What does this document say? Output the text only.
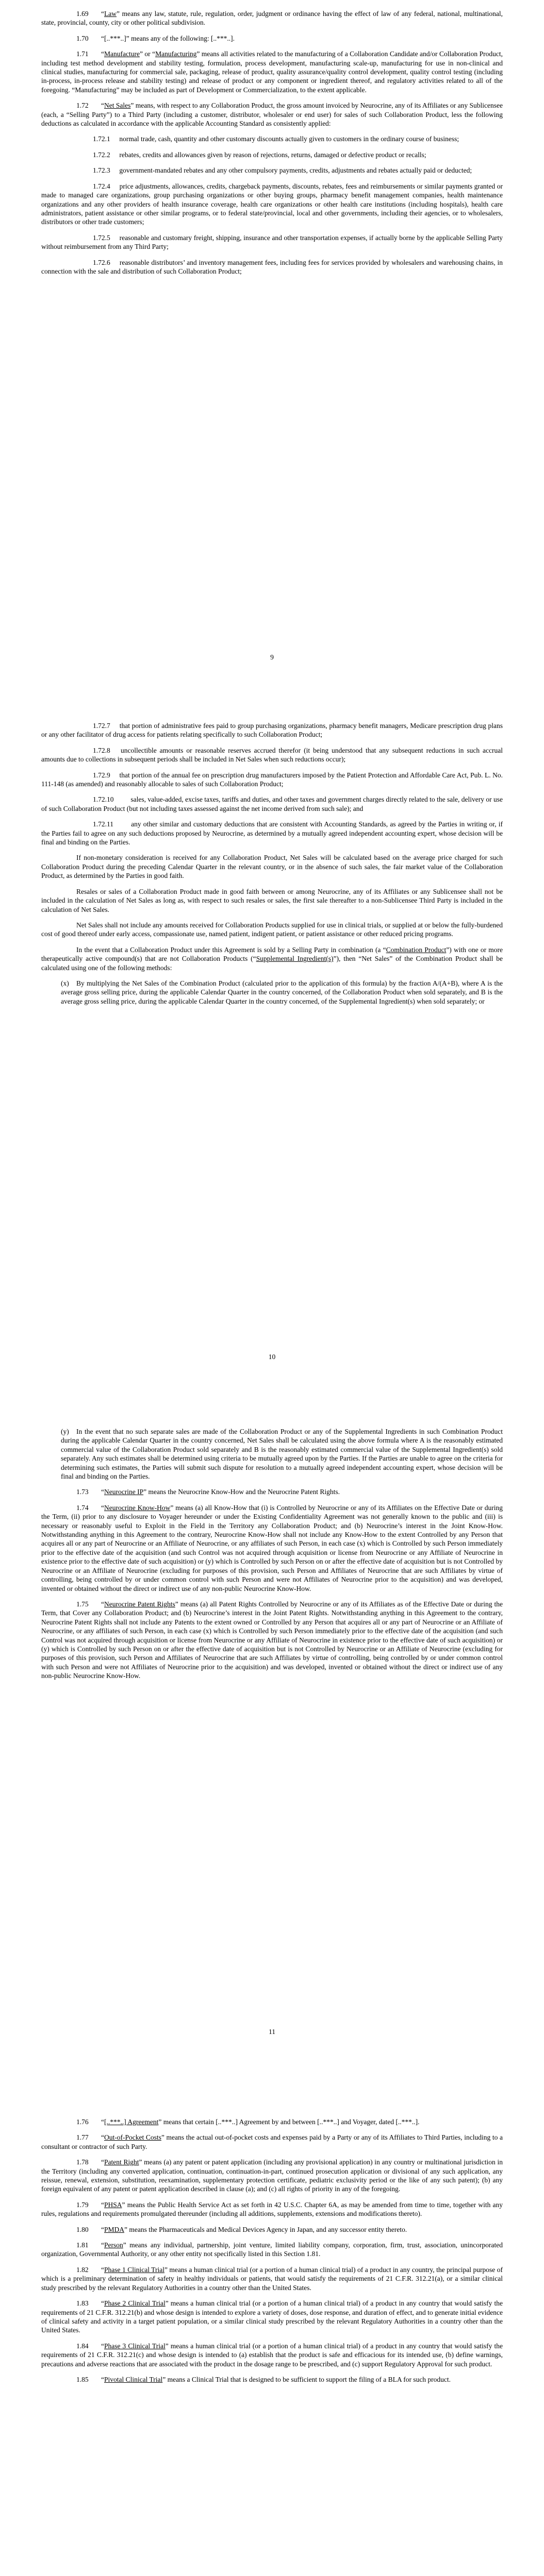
1.69 “Law” means any law, statute, rule, regulation, order, judgment or ordinance having the effect of law of any federal, national, multinational, state, provincial, county, city or other political subdivision.

1.70 “[..***..]” means any of the following: [..***..].

1.71 “Manufacture” or “Manufacturing” means all activities related to the manufacturing of a Collaboration Candidate and/or Collaboration Product, including test method development and stability testing, formulation, process development, manufacturing scale-up, manufacturing for use in non-clinical and clinical studies, manufacturing for commercial sale, packaging, release of product, quality assurance/quality control development, quality control testing (including in-process, in-process release and stability testing) and release of product or any component or ingredient thereof, and regulatory activities related to all of the foregoing. “Manufacturing” may be included as part of Development or Commercialization, to the extent applicable.

1.72 “Net Sales” means, with respect to any Collaboration Product, the gross amount invoiced by Neurocrine, any of its Affiliates or any Sublicensee (each, a “Selling Party”) to a Third Party (including a customer, distributor, wholesaler or end user) for sales of such Collaboration Product, less the following deductions as calculated in accordance with the applicable Accounting Standard as consistently applied:

1.72.1 normal trade, cash, quantity and other customary discounts actually given to customers in the ordinary course of business;

1.72.2 rebates, credits and allowances given by reason of rejections, returns, damaged or defective product or recalls;

1.72.3 government-mandated rebates and any other compulsory payments, credits, adjustments and rebates actually paid or deducted;

1.72.4 price adjustments, allowances, credits, chargeback payments, discounts, rebates, fees and reimbursements or similar payments granted or made to managed care organizations, group purchasing organizations or other buying groups, pharmacy benefit management companies, health maintenance organizations and any other providers of health insurance coverage, health care organizations or other health care institutions (including hospitals), health care administrators, patient assistance or other similar programs, or to federal state/provincial, local and other governments, including their agencies, or to wholesalers, distributors or other trade customers;

1.72.5 reasonable and customary freight, shipping, insurance and other transportation expenses, if actually borne by the applicable Selling Party without reimbursement from any Third Party;

1.72.6 reasonable distributors’ and inventory management fees, including fees for services provided by wholesalers and warehousing chains, in connection with the sale and distribution of such Collaboration Product;

9

1.72.7 that portion of administrative fees paid to group purchasing organizations, pharmacy benefit managers, Medicare prescription drug plans or any other facilitator of drug access for patients relating specifically to such Collaboration Product;

1.72.8 uncollectible amounts or reasonable reserves accrued therefor (it being understood that any subsequent reductions in such accrual amounts due to collections in subsequent periods shall be included in Net Sales when such reductions occur);

1.72.9 that portion of the annual fee on prescription drug manufacturers imposed by the Patient Protection and Affordable Care Act, Pub. L. No. 111-148 (as amended) and reasonably allocable to sales of such Collaboration Product;

1.72.10 sales, value-added, excise taxes, tariffs and duties, and other taxes and government charges directly related to the sale, delivery or use of such Collaboration Product (but not including taxes assessed against the net income derived from such sale); and

1.72.11	any other similar and customary deductions that are consistent with Accounting Standards, as agreed by the Parties in writing or, if the Parties fail to agree on any such deductions proposed by Neurocrine, as determined by a mutually agreed independent accounting expert, whose decision will be final and binding on the Parties.

If non-monetary consideration is received for any Collaboration Product, Net Sales will be calculated based on the average price charged for such Collaboration Product during the preceding Calendar Quarter in the relevant country, or in the absence of such sales, the fair market value of the Collaboration Product, as determined by the Parties in good faith.

Resales or sales of a Collaboration Product made in good faith between or among Neurocrine, any of its Affiliates or any Sublicensee shall not be included in the calculation of Net Sales as long as, with respect to such resales or sales, the first sale thereafter to a non-Sublicensee Third Party is included in the calculation of Net Sales.

Net Sales shall not include any amounts received for Collaboration Products supplied for use in clinical trials, or supplied at or below the fully-burdened cost of good thereof under early access, compassionate use, named patient, indigent patient, or patient assistance or other reduced pricing programs.

In the event that a Collaboration Product under this Agreement is sold by a Selling Party in combination (a “Combination Product”) with one or more therapeutically active compound(s) that are not Collaboration Products (“Supplemental Ingredient(s)”), then “Net Sales” of the Combination Product shall be calculated using one of the following methods:

(x) By multiplying the Net Sales of the Combination Product (calculated prior to the application of this formula) by the fraction A/(A+B), where A is the average gross selling price, during the applicable Calendar Quarter in the country concerned, of the Collaboration Product when sold separately, and B is the average gross selling price, during the applicable Calendar Quarter in the country concerned, of the Supplemental Ingredient(s) when sold separately; or

10

(y) In the event that no such separate sales are made of the Collaboration Product or any of the Supplemental Ingredients in such Combination Product during the applicable Calendar Quarter in the country concerned, Net Sales shall be calculated using the above formula where A is the reasonably estimated commercial value of the Collaboration Product sold separately and B is the reasonably estimated commercial value of the Supplemental Ingredient(s) sold separately. Any such estimates shall be determined using criteria to be mutually agreed upon by the Parties. If the Parties are unable to agree on the criteria for determining such estimates, the Parties will submit such dispute for resolution to a mutually agreed independent accounting expert, whose decision will be final and binding on the Parties.

1.73 “Neurocrine IP” means the Neurocrine Know-How and the Neurocrine Patent Rights.

1.74 “Neurocrine Know-How” means (a) all Know-How that (i) is Controlled by Neurocrine or any of its Affiliates on the Effective Date or during the Term, (ii) prior to any disclosure to Voyager hereunder or under the Existing Confidentiality Agreement was not generally known to the public and (iii) is necessary or reasonably useful to Exploit in the Field in the Territory any Collaboration Product; and (b) Neurocrine’s interest in the Joint Know-How. Notwithstanding anything in this Agreement to the contrary, Neurocrine Know-How shall not include any Know-How to the extent Controlled by any Person that acquires all or any part of Neurocrine or an Affiliate of Neurocrine, or any affiliates of such Person, in each case (x) which is Controlled by such Person immediately prior to the effective date of the acquisition (and such Control was not acquired through acquisition or license from Neurocrine or any Affiliate of Neurocrine in existence prior to the effective date of such acquisition) or (y) which is Controlled by such Person on or after the effective date of acquisition but is not Controlled by Neurocrine or an Affiliate of Neurocrine (excluding for purposes of this provision, such Person and Affiliates of Neurocrine that are such Affiliates by virtue of controlling, being controlled by or under common control with such Person and were not Affiliates of Neurocrine prior to the acquisition) and was developed, invented or obtained without the direct or indirect use of any non-public Neurocrine Know-How.

1.75 “Neurocrine Patent Rights” means (a) all Patent Rights Controlled by Neurocrine or any of its Affiliates as of the Effective Date or during the Term, that Cover any Collaboration Product; and (b) Neurocrine’s interest in the Joint Patent Rights. Notwithstanding anything in this Agreement to the contrary, Neurocrine Patent Rights shall not include any Patents to the extent owned or Controlled by any Person that acquires all or any part of Neurocrine or an Affiliate of Neurocrine, or any affiliates of such Person, in each case (x) which is Controlled by such Person immediately prior to the effective date of the acquisition (and such Control was not acquired through acquisition or license from Neurocrine or any Affiliate of Neurocrine in existence prior to the effective date of such acquisition) or (y) which is Controlled by such Person on or after the effective date of acquisition but is not Controlled by Neurocrine or an Affiliate of Neurocrine (excluding for purposes of this provision, such Person and Affiliates of Neurocrine that are such Affiliates by virtue of controlling, being controlled by or under common control with such Person and were not Affiliates of Neurocrine prior to the acquisition) and was developed, invented or obtained without the direct or indirect use of any non-public Neurocrine Know-How.

11

1.76 “[..***..] Agreement” means that certain [..***..] Agreement by and between [..***..] and Voyager, dated [..***..].

1.77 “Out-of-Pocket Costs” means the actual out-of-pocket costs and expenses paid by a Party or any of its Affiliates to Third Parties, including to a consultant or contractor of such Party.

1.78 “Patent Right” means (a) any patent or patent application (including any provisional application) in any country or multinational jurisdiction in the Territory (including any converted application, continuation, continuation-in-part, continued prosecution application or divisional of any such application, any reissue, renewal, extension, substitution, reexamination, supplementary protection certificate, pediatric exclusivity period or the like of any such patent); (b) any foreign equivalent of any patent or patent application described in clause (a); and (c) all rights of priority in any of the foregoing.

1.79 “PHSA” means the Public Health Service Act as set forth in 42 U.S.C. Chapter 6A, as may be amended from time to time, together with any rules, regulations and requirements promulgated thereunder (including all additions, supplements, extensions and modifications thereto).

1.80 “PMDA” means the Pharmaceuticals and Medical Devices Agency in Japan, and any successor entity thereto.

1.81 “Person” means any individual, partnership, joint venture, limited liability company, corporation, firm, trust, association, unincorporated organization, Governmental Authority, or any other entity not specifically listed in this Section 1.81.

1.82 “Phase 1 Clinical Trial” means a human clinical trial (or a portion of a human clinical trial) of a product in any country, the principal purpose of which is a preliminary determination of safety in healthy individuals or patients, that would satisfy the requirements of 21 C.F.R. 312.21(a), or a similar clinical study prescribed by the relevant Regulatory Authorities in a country other than the United States.

1.83 “Phase 2 Clinical Trial” means a human clinical trial (or a portion of a human clinical trial) of a product in any country that would satisfy the requirements of 21 C.F.R. 312.21(b) and whose design is intended to explore a variety of doses, dose response, and duration of effect, and to generate initial evidence of clinical safety and activity in a target patient population, or a similar clinical study prescribed by the relevant Regulatory Authorities in a country other than the United States.

1.84 “Phase 3 Clinical Trial” means a human clinical trial (or a portion of a human clinical trial) of a product in any country that would satisfy the requirements of 21 C.F.R. 312.21(c) and whose design is intended to (a) establish that the product is safe and efficacious for its intended use, (b) define warnings, precautions and adverse reactions that are associated with the product in the dosage range to be prescribed, and (c) support Regulatory Approval for such product.

1.85 “Pivotal Clinical Trial” means a Clinical Trial that is designed to be sufficient to support the filing of a BLA for such product.
